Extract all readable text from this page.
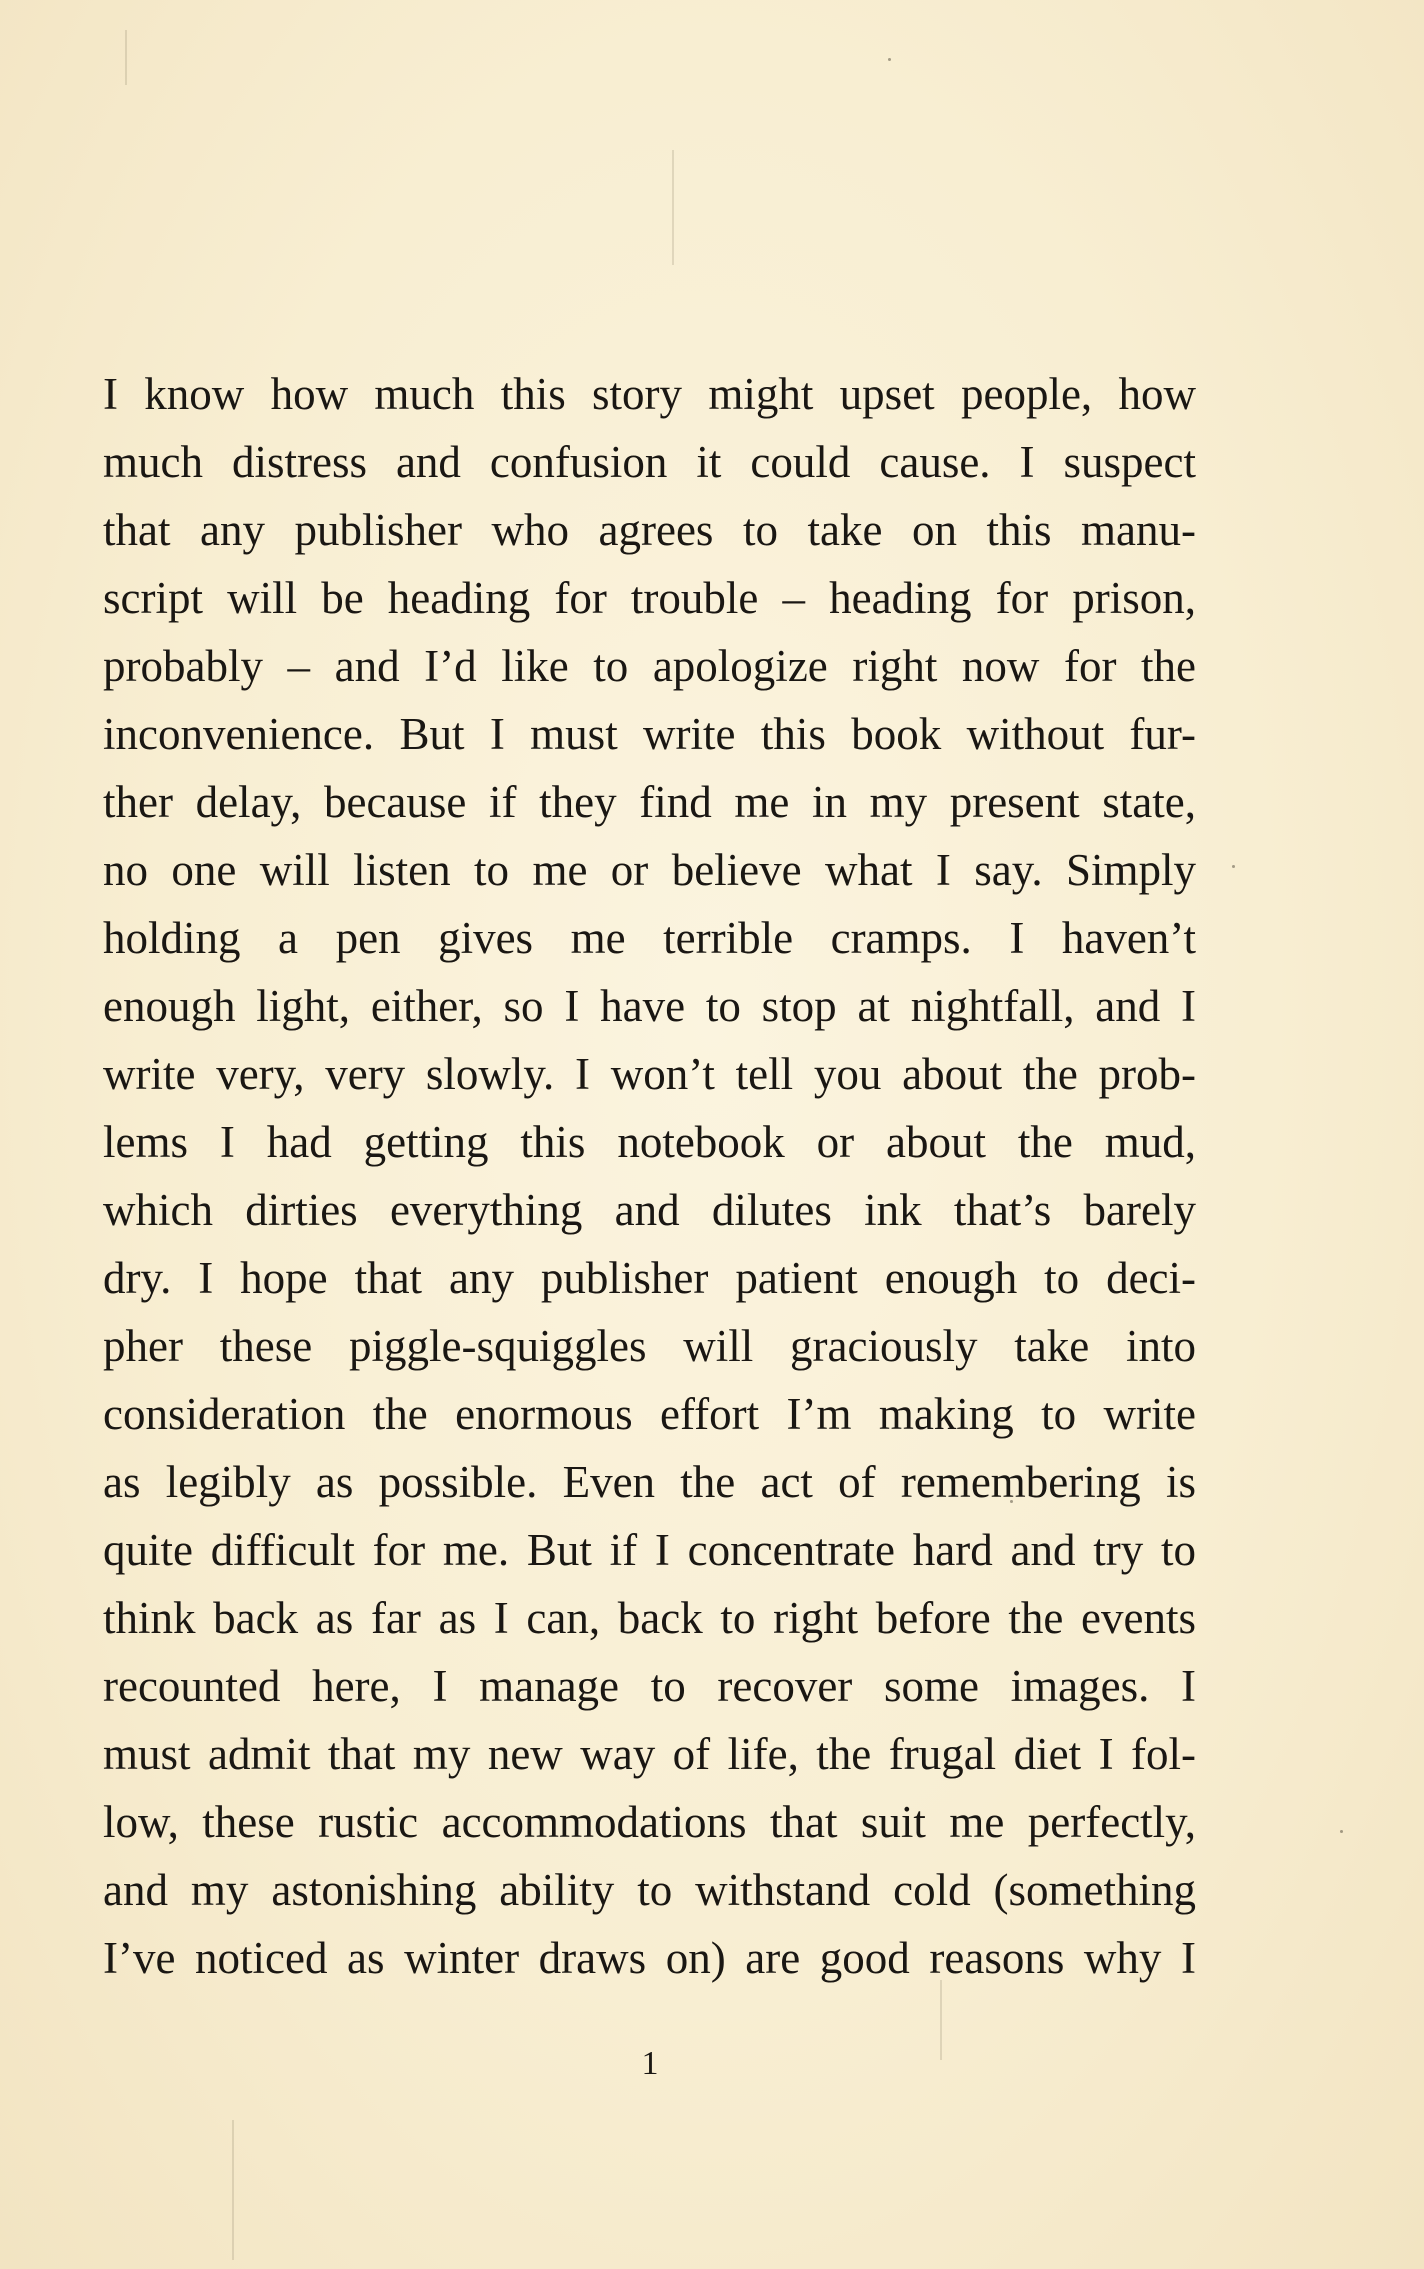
I know how much this story might upset people, how
much distress and confusion it could cause. I suspect
that any publisher who agrees to take on this manu-
script will be heading for trouble – heading for prison,
probably – and I’d like to apologize right now for the
inconvenience. But I must write this book without fur-
ther delay, because if they find me in my present state,
no one will listen to me or believe what I say. Simply
holding a pen gives me terrible cramps. I haven’t
enough light, either, so I have to stop at nightfall, and I
write very, very slowly. I won’t tell you about the prob-
lems I had getting this notebook or about the mud,
which dirties everything and dilutes ink that’s barely
dry. I hope that any publisher patient enough to deci-
pher these piggle-squiggles will graciously take into
consideration the enormous effort I’m making to write
as legibly as possible. Even the act of remembering is
quite difficult for me. But if I concentrate hard and try to
think back as far as I can, back to right before the events
recounted here, I manage to recover some images. I
must admit that my new way of life, the frugal diet I fol-
low, these rustic accommodations that suit me perfectly,
and my astonishing ability to withstand cold (something
I’ve noticed as winter draws on) are good reasons why I
1
